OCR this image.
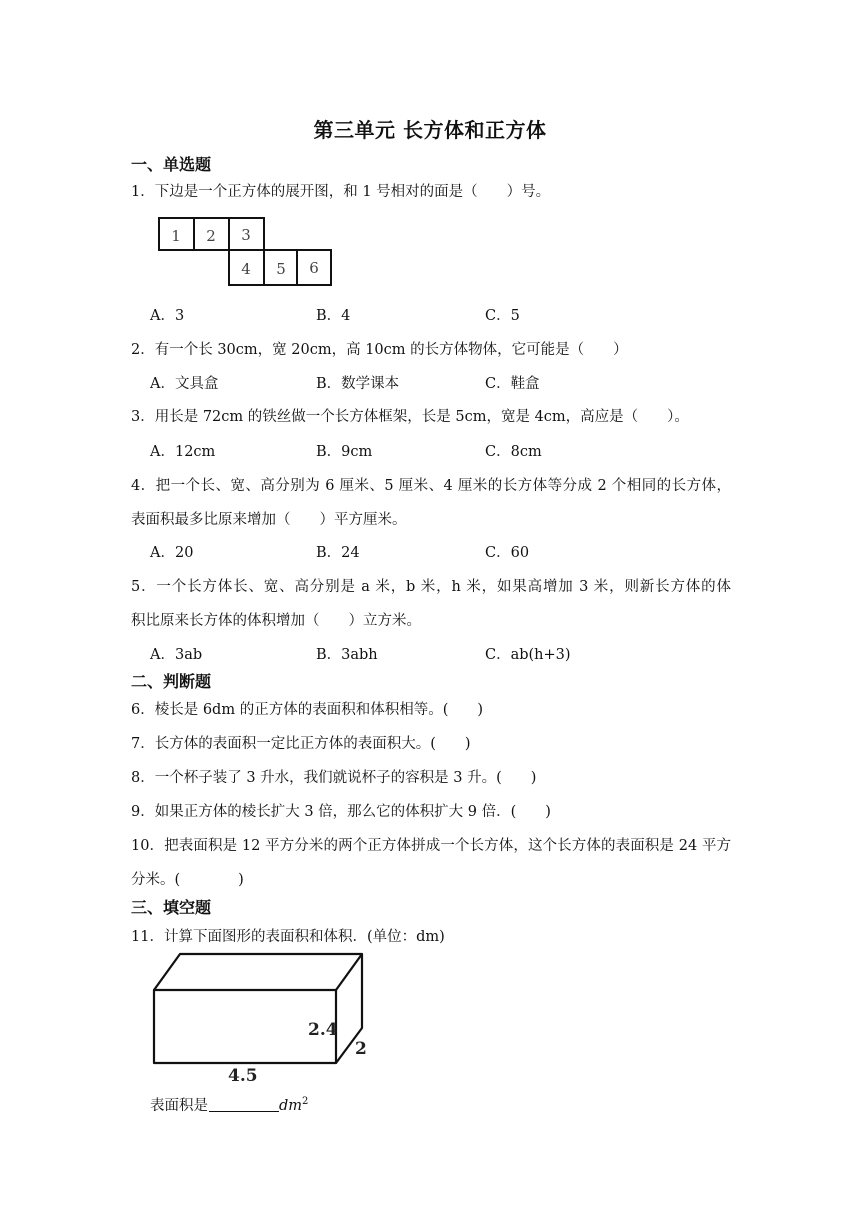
第三单元 长方体和正方体
一、单选题
1．下边是一个正方体的展开图，和 1 号相对的面是（　　）号。
1 2 3
4 5 6
A．3	B．4	C．5
2．有一个长 30cm，宽 20cm，高 10cm 的长方体物体，它可能是（　　）
A．文具盒	B．数学课本	C．鞋盒
3．用长是 72cm 的铁丝做一个长方体框架，长是 5cm，宽是 4cm，高应是（　　）。
A．12cm	B．9cm	C．8cm
4．把一个长、宽、高分别为 6 厘米、5 厘米、4 厘米的长方体等分成 2 个相同的长方体，
表面积最多比原来增加（　　）平方厘米。
A．20	B．24	C．60
5．一个长方体长、宽、高分别是 a 米，b 米，h 米，如果高增加 3 米，则新长方体的体
积比原来长方体的体积增加（　　）立方米。
A．3ab	B．3abh	C．ab(h+3)
二、判断题
6．棱长是 6dm 的正方体的表面积和体积相等。(　　)
7．长方体的表面积一定比正方体的表面积大。(　　)
8．一个杯子装了 3 升水，我们就说杯子的容积是 3 升。(　　)
9．如果正方体的棱长扩大 3 倍，那么它的体积扩大 9 倍．(　　)
10．把表面积是 12 平方分米的两个正方体拼成一个长方体，这个长方体的表面积是 24 平方
分米。(　　　　)
三、填空题
11．计算下面图形的表面积和体积．(单位：dm)
2.4
2
4.5
表面积是	$dm^2$
